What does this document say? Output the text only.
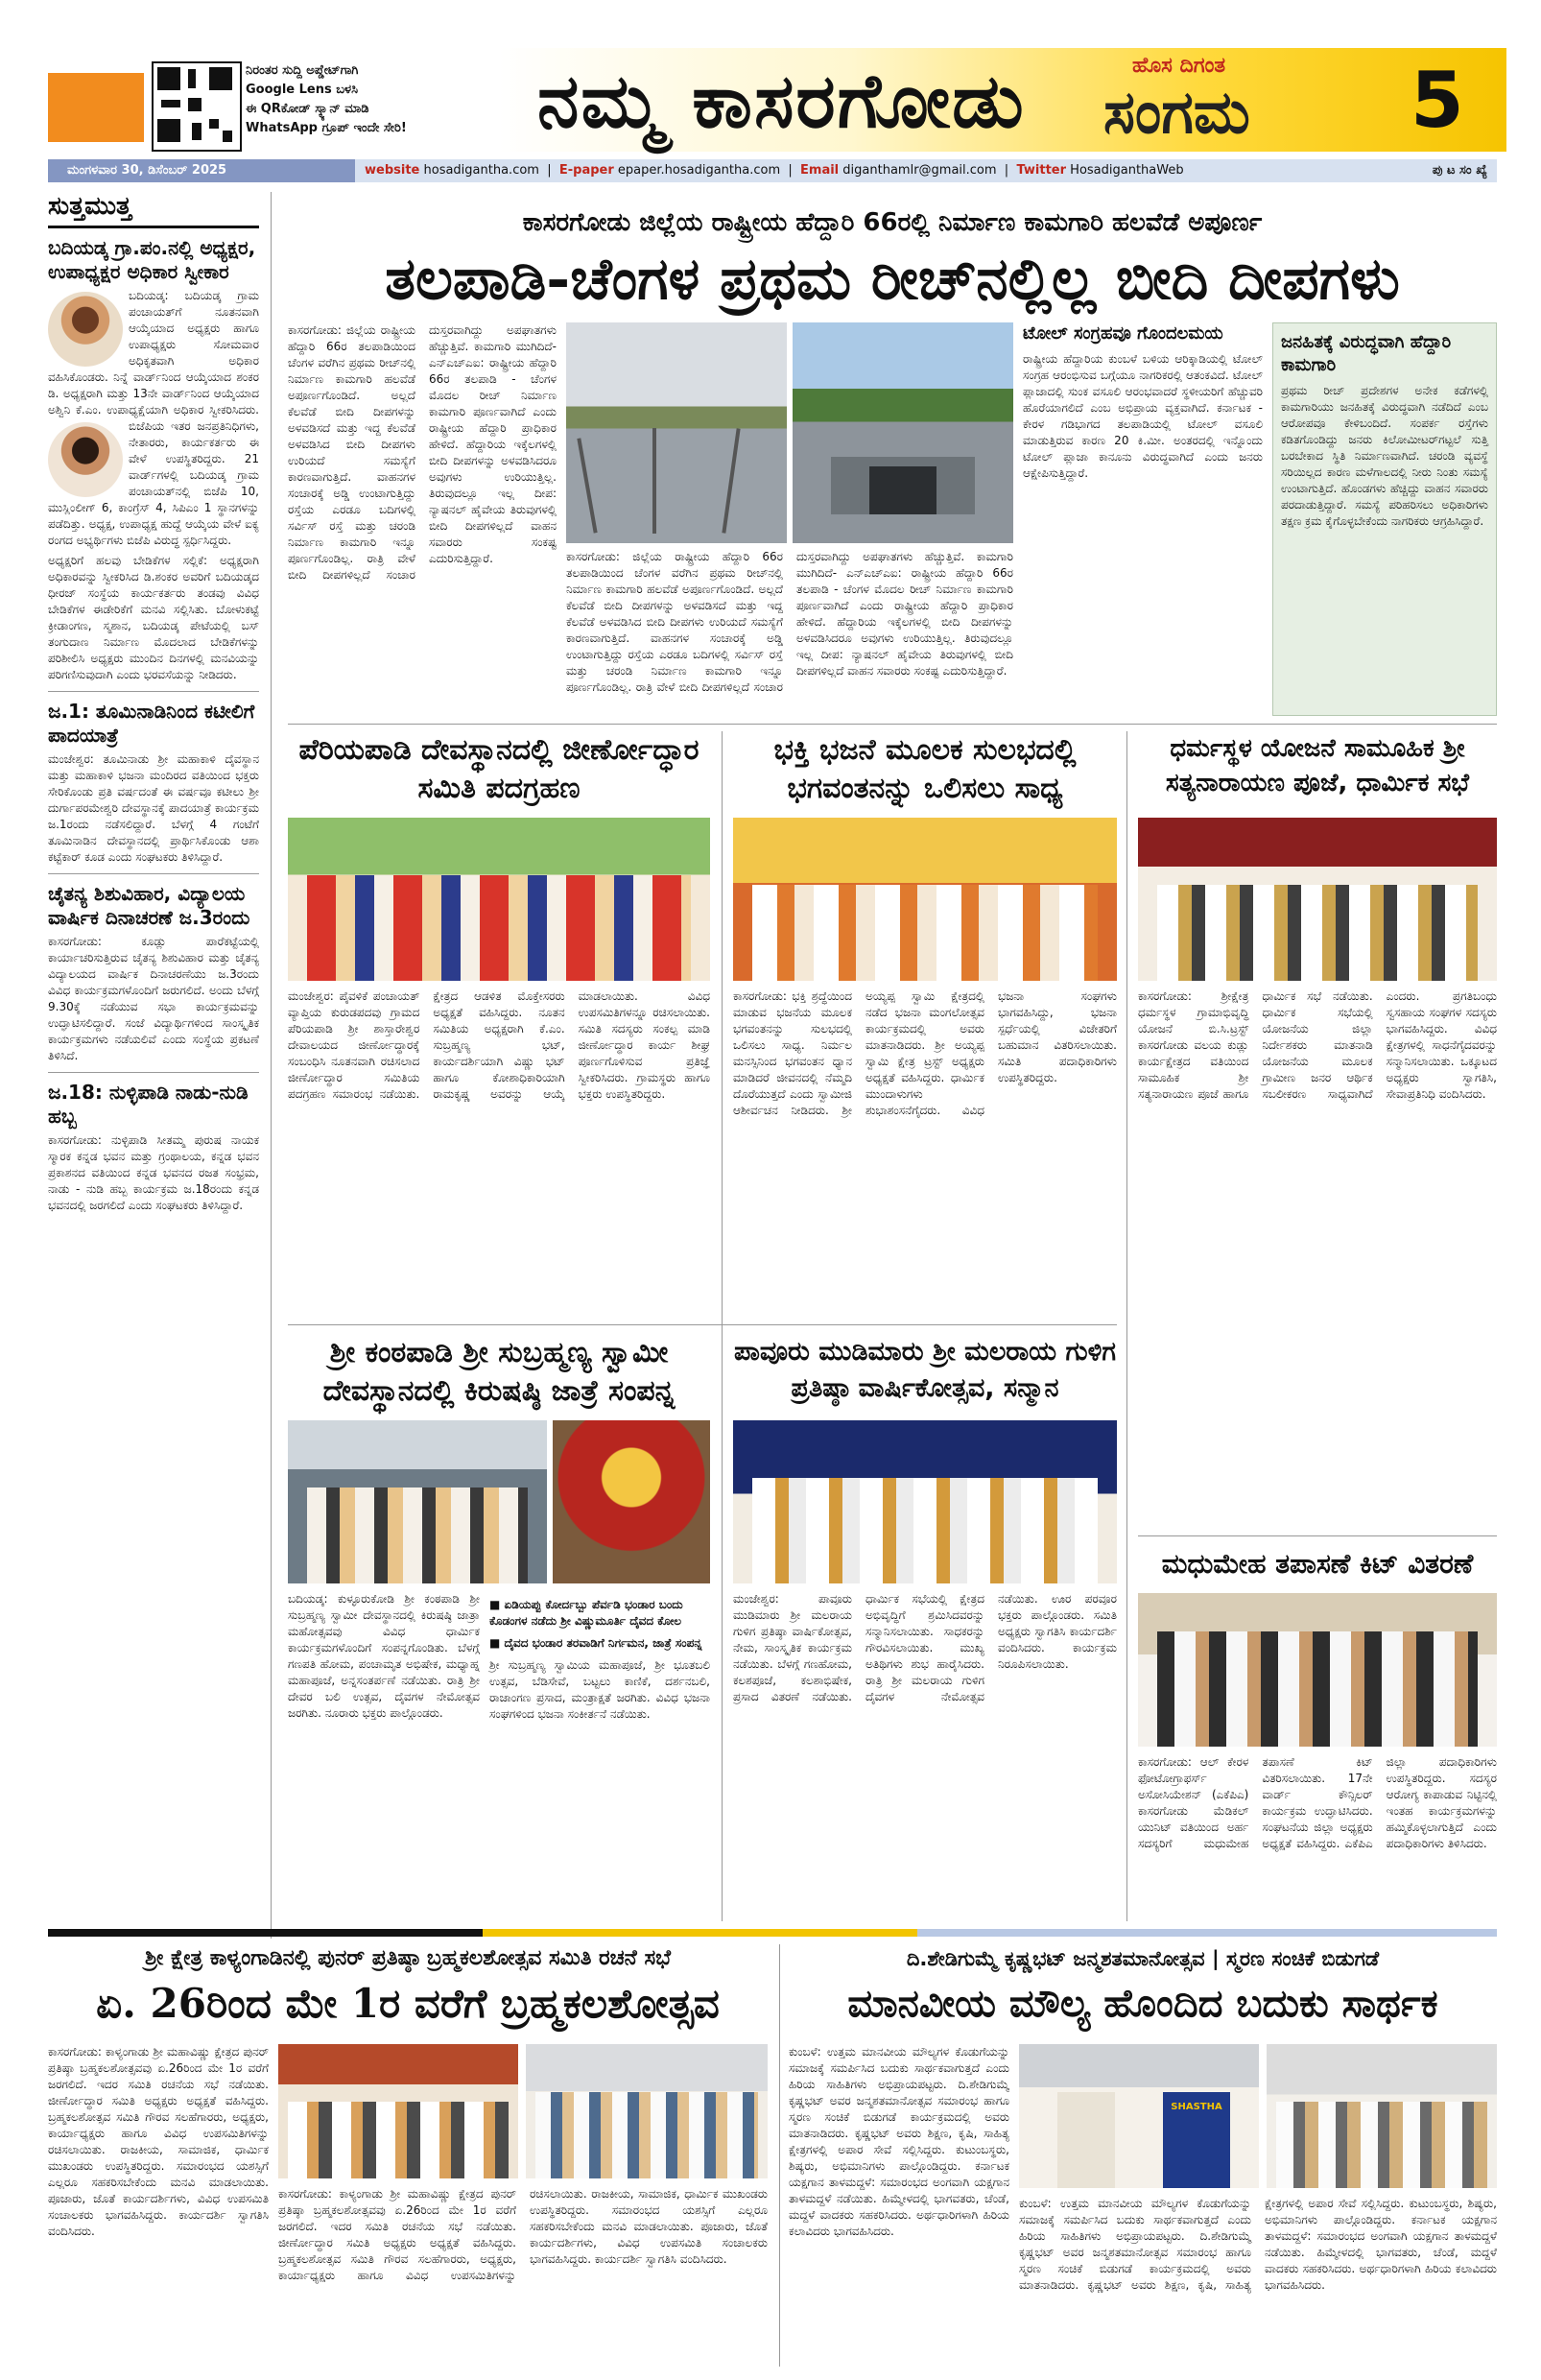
ನಿರಂತರ ಸುದ್ದಿ ಅಪ್ಡೇಟ್‌ಗಾಗಿ
Google Lens ಬಳಸಿ
ಈ QRಕೋಡ್ ಸ್ಕ್ಯಾನ್ ಮಾಡಿ
WhatsApp ಗ್ರೂಪ್ ಇಂದೇ ಸೇರಿ!	ನಮ್ಮ ಕಾಸರಗೋಡು	ಹೊಸ ದಿಗಂತ
ಸಂಗಮ 5
ಮಂಗಳವಾರ 30, ಡಿಸೆಂಬರ್ 2025	website hosadigantha.com  |  E-paper epaper.hosadigantha.com  |  Email diganthamlr@gmail.com  |  Twitter HosadiganthaWeb	ಪು ಟ ಸಂ ಖ್ಯೆ
ಸುತ್ತಮುತ್ತ
ಬದಿಯಡ್ಕ ಗ್ರಾ.ಪಂ.ನಲ್ಲಿ ಅಧ್ಯಕ್ಷರ, ಉಪಾಧ್ಯಕ್ಷರ ಅಧಿಕಾರ ಸ್ವೀಕಾರ
ಬದಿಯಡ್ಕ: ಬದಿಯಡ್ಕ ಗ್ರಾಮ ಪಂಚಾಯತ್‌ಗೆ ನೂತನವಾಗಿ ಆಯ್ಕೆಯಾದ ಅಧ್ಯಕ್ಷರು ಹಾಗೂ ಉಪಾಧ್ಯಕ್ಷರು ಸೋಮವಾರ ಅಧಿಕೃತವಾಗಿ ಅಧಿಕಾರ ವಹಿಸಿಕೊಂಡರು. ನಿನ್ನೆ ವಾರ್ಡ್‌ನಿಂದ ಆಯ್ಕೆಯಾದ ಶಂಕರ ಡಿ. ಅಧ್ಯಕ್ಷರಾಗಿ ಮತ್ತು 13ನೇ ವಾರ್ಡ್‌ನಿಂದ ಆಯ್ಕೆಯಾದ ಅಶ್ವಿನಿ ಕೆ.ಎಂ. ಉಪಾಧ್ಯಕ್ಷೆಯಾಗಿ ಅಧಿಕಾರ ಸ್ವೀಕರಿಸಿದರು.
ಬಿಜೆಪಿಯ ಇತರ ಜನಪ್ರತಿನಿಧಿಗಳು, ನೇತಾರರು, ಕಾರ್ಯಕರ್ತರು ಈ ವೇಳೆ ಉಪಸ್ಥಿತರಿದ್ದರು. 21 ವಾರ್ಡ್‌ಗಳಲ್ಲಿ ಬದಿಯಡ್ಕ ಗ್ರಾಮ ಪಂಚಾಯತ್‌ನಲ್ಲಿ ಬಿಜೆಪಿ 10, ಮುಸ್ಲಿಂಲೀಗ್ 6, ಕಾಂಗ್ರೆಸ್ 4, ಸಿಪಿಎಂ 1 ಸ್ಥಾನಗಳನ್ನು ಪಡೆದಿತ್ತು. ಅಧ್ಯಕ್ಷ, ಉಪಾಧ್ಯಕ್ಷ ಹುದ್ದೆ ಆಯ್ಕೆಯ ವೇಳೆ ಐಕ್ಯ ರಂಗದ ಅಭ್ಯರ್ಥಿಗಳು ಬಿಜೆಪಿ ವಿರುದ್ಧ ಸ್ಪರ್ಧಿಸಿದ್ದರು.
ಅಧ್ಯಕ್ಷರಿಗೆ ಹಲವು ಬೇಡಿಕೆಗಳ ಸಲ್ಲಿಕೆ: ಅಧ್ಯಕ್ಷರಾಗಿ ಅಧಿಕಾರವನ್ನು ಸ್ವೀಕರಿಸಿದ ಡಿ.ಶಂಕರ ಅವರಿಗೆ ಬದಿಯಡ್ಕದ ಧೀರಜ್ ಸಂಸ್ಥೆಯ ಕಾರ್ಯಕರ್ತರು ತಂಡವು ವಿವಿಧ ಬೇಡಿಕೆಗಳ ಈಡೇರಿಕೆಗೆ ಮನವಿ ಸಲ್ಲಿಸಿತು. ಬೋಳುಕಟ್ಟೆ ಕ್ರೀಡಾಂಗಣ, ಸ್ಮಶಾನ, ಬದಿಯಡ್ಕ ಪೇಟೆಯಲ್ಲಿ ಬಸ್ ತಂಗುದಾಣ ನಿರ್ಮಾಣ ಮೊದಲಾದ ಬೇಡಿಕೆಗಳನ್ನು ಪರಿಶೀಲಿಸಿ ಅಧ್ಯಕ್ಷರು ಮುಂದಿನ ದಿನಗಳಲ್ಲಿ ಮನವಿಯನ್ನು ಪರಿಗಣಿಸುವುದಾಗಿ ಎಂದು ಭರವಸೆಯನ್ನು ನೀಡಿದರು.
ಜ.1: ತೂಮಿನಾಡಿನಿಂದ ಕಟೀಲಿಗೆ ಪಾದಯಾತ್ರೆ
ಮಂಜೇಶ್ವರ: ತೂಮಿನಾಡು ಶ್ರೀ ಮಹಾಕಾಳಿ ದೈವಸ್ಥಾನ ಮತ್ತು ಮಹಾಕಾಳಿ ಭಜನಾ ಮಂದಿರದ ವತಿಯಿಂದ ಭಕ್ತರು ಸೇರಿಕೊಂಡು ಪ್ರತಿ ವರ್ಷದಂತೆ ಈ ವರ್ಷವೂ ಕಟೀಲು ಶ್ರೀ ದುರ್ಗಾಪರಮೇಶ್ವರಿ ದೇವಸ್ಥಾನಕ್ಕೆ ಪಾದಯಾತ್ರೆ ಕಾರ್ಯಕ್ರಮ ಜ.1ರಂದು ನಡೆಸಲಿದ್ದಾರೆ. ಬೆಳಗ್ಗೆ 4 ಗಂಟೆಗೆ ತೂಮಿನಾಡಿನ ದೇವಸ್ಥಾನದಲ್ಲಿ ಪ್ರಾರ್ಥಿಸಿಕೊಂಡು ಆಶಾ ಕಟ್ಟೆಕಾರ್ ಕೂಡ ಎಂದು ಸಂಘಟಕರು ತಿಳಿಸಿದ್ದಾರೆ.
ಚೈತನ್ಯ ಶಿಶುವಿಹಾರ, ವಿದ್ಯಾಲಯ ವಾರ್ಷಿಕ ದಿನಾಚರಣೆ ಜ.3ರಂದು
ಕಾಸರಗೋಡು: ಕೂಡ್ಲು ಪಾರೆಕಟ್ಟೆಯಲ್ಲಿ ಕಾರ್ಯಾಚರಿಸುತ್ತಿರುವ ಚೈತನ್ಯ ಶಿಶುವಿಹಾರ ಮತ್ತು ಚೈತನ್ಯ ವಿದ್ಯಾಲಯದ ವಾರ್ಷಿಕ ದಿನಾಚರಣೆಯು ಜ.3ರಂದು ವಿವಿಧ ಕಾರ್ಯಕ್ರಮಗಳೊಂದಿಗೆ ಜರುಗಲಿದೆ. ಅಂದು ಬೆಳಗ್ಗೆ 9.30ಕ್ಕೆ ನಡೆಯುವ ಸಭಾ ಕಾರ್ಯಕ್ರಮವನ್ನು ಉದ್ಘಾಟಿಸಲಿದ್ದಾರೆ. ಸಂಜೆ ವಿದ್ಯಾರ್ಥಿಗಳಿಂದ ಸಾಂಸ್ಕೃತಿಕ ಕಾರ್ಯಕ್ರಮಗಳು ನಡೆಯಲಿವೆ ಎಂದು ಸಂಸ್ಥೆಯ ಪ್ರಕಟಣೆ ತಿಳಿಸಿದೆ.
ಜ.18: ನುಳ್ಳಿಪಾಡಿ ನಾಡು-ನುಡಿ ಹಬ್ಬ
ಕಾಸರಗೋಡು: ನುಳ್ಳಿಪಾಡಿ ಸೀತಮ್ಮ ಪುರುಷ ನಾಯಕ ಸ್ಮಾರಕ ಕನ್ನಡ ಭವನ ಮತ್ತು ಗ್ರಂಥಾಲಯ, ಕನ್ನಡ ಭವನ ಪ್ರಕಾಶನದ ವತಿಯಿಂದ ಕನ್ನಡ ಭವನದ ರಜತ ಸಂಭ್ರಮ, ನಾಡು - ನುಡಿ ಹಬ್ಬ ಕಾರ್ಯಕ್ರಮ ಜ.18ರಂದು ಕನ್ನಡ ಭವನದಲ್ಲಿ ಜರಗಲಿದೆ ಎಂದು ಸಂಘಟಕರು ತಿಳಿಸಿದ್ದಾರೆ.
ಕಾಸರಗೋಡು ಜಿಲ್ಲೆಯ ರಾಷ್ಟ್ರೀಯ ಹೆದ್ದಾರಿ 66ರಲ್ಲಿ ನಿರ್ಮಾಣ ಕಾಮಗಾರಿ ಹಲವೆಡೆ ಅಪೂರ್ಣ
ತಲಪಾಡಿ-ಚೆಂಗಳ ಪ್ರಥಮ ರೀಚ್‌ನಲ್ಲಿಲ್ಲ ಬೀದಿ ದೀಪಗಳು
ಕಾಸರಗೋಡು: ಜಿಲ್ಲೆಯ ರಾಷ್ಟ್ರೀಯ ಹೆದ್ದಾರಿ 66ರ ತಲಪಾಡಿಯಿಂದ ಚೆಂಗಳ ವರೆಗಿನ ಪ್ರಥಮ ರೀಚ್‌ನಲ್ಲಿ ನಿರ್ಮಾಣ ಕಾಮಗಾರಿ ಹಲವೆಡೆ ಅಪೂರ್ಣಗೊಂಡಿದೆ. ಅಲ್ಲದೆ ಕೆಲವೆಡೆ ಬೀದಿ ದೀಪಗಳನ್ನು ಅಳವಡಿಸದೆ ಮತ್ತು ಇದ್ದ ಕೆಲವೆಡೆ ಅಳವಡಿಸಿದ ಬೀದಿ ದೀಪಗಳು ಉರಿಯದೆ ಸಮಸ್ಯೆಗೆ ಕಾರಣವಾಗುತ್ತಿದೆ. ವಾಹನಗಳ ಸಂಚಾರಕ್ಕೆ ಅಡ್ಡಿ ಉಂಟಾಗುತ್ತಿದ್ದು ರಸ್ತೆಯ ಎರಡೂ ಬದಿಗಳಲ್ಲಿ ಸರ್ವಿಸ್ ರಸ್ತೆ ಮತ್ತು ಚರಂಡಿ ನಿರ್ಮಾಣ ಕಾಮಗಾರಿ ಇನ್ನೂ ಪೂರ್ಣಗೊಂಡಿಲ್ಲ. ರಾತ್ರಿ ವೇಳೆ ಬೀದಿ ದೀಪಗಳಿಲ್ಲದೆ ಸಂಚಾರ ದುಸ್ತರವಾಗಿದ್ದು ಅಪಘಾತಗಳು ಹೆಚ್ಚುತ್ತಿವೆ. ಕಾಮಗಾರಿ ಮುಗಿದಿದೆ- ಎನ್‌ಎಚ್‌ಎಐ: ರಾಷ್ಟ್ರೀಯ ಹೆದ್ದಾರಿ 66ರ ತಲಪಾಡಿ - ಚೆಂಗಳ ಮೊದಲ ರೀಚ್ ನಿರ್ಮಾಣ ಕಾಮಗಾರಿ ಪೂರ್ಣವಾಗಿದೆ ಎಂದು ರಾಷ್ಟ್ರೀಯ ಹೆದ್ದಾರಿ ಪ್ರಾಧಿಕಾರ ಹೇಳಿದೆ. ಹೆದ್ದಾರಿಯ ಇಕ್ಕೆಲಗಳಲ್ಲಿ ಬೀದಿ ದೀಪಗಳನ್ನು ಅಳವಡಿಸಿದರೂ ಅವುಗಳು ಉರಿಯುತ್ತಿಲ್ಲ. ತಿರುವುದಲ್ಲೂ ಇಲ್ಲ ದೀಪ: ನ್ಯಾಷನಲ್ ಹೈವೇಯ ತಿರುವುಗಳಲ್ಲಿ ಬೀದಿ ದೀಪಗಳಿಲ್ಲದೆ ವಾಹನ ಸವಾರರು ಸಂಕಷ್ಟ ಎದುರಿಸುತ್ತಿದ್ದಾರೆ.	ಕಾಸರಗೋಡು: ಜಿಲ್ಲೆಯ ರಾಷ್ಟ್ರೀಯ ಹೆದ್ದಾರಿ 66ರ ತಲಪಾಡಿಯಿಂದ ಚೆಂಗಳ ವರೆಗಿನ ಪ್ರಥಮ ರೀಚ್‌ನಲ್ಲಿ ನಿರ್ಮಾಣ ಕಾಮಗಾರಿ ಹಲವೆಡೆ ಅಪೂರ್ಣಗೊಂಡಿದೆ. ಅಲ್ಲದೆ ಕೆಲವೆಡೆ ಬೀದಿ ದೀಪಗಳನ್ನು ಅಳವಡಿಸದೆ ಮತ್ತು ಇದ್ದ ಕೆಲವೆಡೆ ಅಳವಡಿಸಿದ ಬೀದಿ ದೀಪಗಳು ಉರಿಯದೆ ಸಮಸ್ಯೆಗೆ ಕಾರಣವಾಗುತ್ತಿದೆ. ವಾಹನಗಳ ಸಂಚಾರಕ್ಕೆ ಅಡ್ಡಿ ಉಂಟಾಗುತ್ತಿದ್ದು ರಸ್ತೆಯ ಎರಡೂ ಬದಿಗಳಲ್ಲಿ ಸರ್ವಿಸ್ ರಸ್ತೆ ಮತ್ತು ಚರಂಡಿ ನಿರ್ಮಾಣ ಕಾಮಗಾರಿ ಇನ್ನೂ ಪೂರ್ಣಗೊಂಡಿಲ್ಲ. ರಾತ್ರಿ ವೇಳೆ ಬೀದಿ ದೀಪಗಳಿಲ್ಲದೆ ಸಂಚಾರ ದುಸ್ತರವಾಗಿದ್ದು ಅಪಘಾತಗಳು ಹೆಚ್ಚುತ್ತಿವೆ. ಕಾಮಗಾರಿ ಮುಗಿದಿದೆ- ಎನ್‌ಎಚ್‌ಎಐ: ರಾಷ್ಟ್ರೀಯ ಹೆದ್ದಾರಿ 66ರ ತಲಪಾಡಿ - ಚೆಂಗಳ ಮೊದಲ ರೀಚ್ ನಿರ್ಮಾಣ ಕಾಮಗಾರಿ ಪೂರ್ಣವಾಗಿದೆ ಎಂದು ರಾಷ್ಟ್ರೀಯ ಹೆದ್ದಾರಿ ಪ್ರಾಧಿಕಾರ ಹೇಳಿದೆ. ಹೆದ್ದಾರಿಯ ಇಕ್ಕೆಲಗಳಲ್ಲಿ ಬೀದಿ ದೀಪಗಳನ್ನು ಅಳವಡಿಸಿದರೂ ಅವುಗಳು ಉರಿಯುತ್ತಿಲ್ಲ. ತಿರುವುದಲ್ಲೂ ಇಲ್ಲ ದೀಪ: ನ್ಯಾಷನಲ್ ಹೈವೇಯ ತಿರುವುಗಳಲ್ಲಿ ಬೀದಿ ದೀಪಗಳಿಲ್ಲದೆ ವಾಹನ ಸವಾರರು ಸಂಕಷ್ಟ ಎದುರಿಸುತ್ತಿದ್ದಾರೆ.
ಟೋಲ್ ಸಂಗ್ರಹವೂ ಗೊಂದಲಮಯ
ರಾಷ್ಟ್ರೀಯ ಹೆದ್ದಾರಿಯ ಕುಂಬಳೆ ಬಳಿಯ ಆರಿಕ್ಕಾಡಿಯಲ್ಲಿ ಟೋಲ್ ಸಂಗ್ರಹ ಆರಂಭಿಸುವ ಬಗ್ಗೆಯೂ ನಾಗರಿಕರಲ್ಲಿ ಆತಂಕವಿದೆ. ಟೋಲ್ ಪ್ಲಾಜಾದಲ್ಲಿ ಸುಂಕ ವಸೂಲಿ ಆರಂಭವಾದರೆ ಸ್ಥಳೀಯರಿಗೆ ಹೆಚ್ಚುವರಿ ಹೊರೆಯಾಗಲಿದೆ ಎಂಬ ಅಭಿಪ್ರಾಯ ವ್ಯಕ್ತವಾಗಿದೆ. ಕರ್ನಾಟಕ - ಕೇರಳ ಗಡಿಭಾಗದ ತಲಪಾಡಿಯಲ್ಲಿ ಟೋಲ್ ವಸೂಲಿ ಮಾಡುತ್ತಿರುವ ಕಾರಣ 20 ಕಿ.ಮೀ. ಅಂತರದಲ್ಲಿ ಇನ್ನೊಂದು ಟೋಲ್ ಪ್ಲಾಜಾ ಕಾನೂನು ವಿರುದ್ಧವಾಗಿದೆ ಎಂದು ಜನರು ಆಕ್ಷೇಪಿಸುತ್ತಿದ್ದಾರೆ.
ಜನಹಿತಕ್ಕೆ ವಿರುದ್ಧವಾಗಿ ಹೆದ್ದಾರಿ ಕಾಮಗಾರಿ
ಪ್ರಥಮ ರೀಚ್ ಪ್ರದೇಶಗಳ ಅನೇಕ ಕಡೆಗಳಲ್ಲಿ ಕಾಮಗಾರಿಯು ಜನಹಿತಕ್ಕೆ ವಿರುದ್ಧವಾಗಿ ನಡೆದಿದೆ ಎಂಬ ಆರೋಪವೂ ಕೇಳಿಬಂದಿದೆ. ಸಂಪರ್ಕ ರಸ್ತೆಗಳು ಕಡಿತಗೊಂಡಿದ್ದು ಜನರು ಕಿಲೋಮೀಟರ್‌ಗಟ್ಟಲೆ ಸುತ್ತಿ ಬರಬೇಕಾದ ಸ್ಥಿತಿ ನಿರ್ಮಾಣವಾಗಿದೆ. ಚರಂಡಿ ವ್ಯವಸ್ಥೆ ಸರಿಯಿಲ್ಲದ ಕಾರಣ ಮಳೆಗಾಲದಲ್ಲಿ ನೀರು ನಿಂತು ಸಮಸ್ಯೆ ಉಂಟಾಗುತ್ತಿದೆ. ಹೊಂಡಗಳು ಹೆಚ್ಚಿದ್ದು ವಾಹನ ಸವಾರರು ಪರದಾಡುತ್ತಿದ್ದಾರೆ. ಸಮಸ್ಯೆ ಪರಿಹರಿಸಲು ಅಧಿಕಾರಿಗಳು ತಕ್ಷಣ ಕ್ರಮ ಕೈಗೊಳ್ಳಬೇಕೆಂದು ನಾಗರಿಕರು ಆಗ್ರಹಿಸಿದ್ದಾರೆ.
ಪೆರಿಯಪಾಡಿ ದೇವಸ್ಥಾನದಲ್ಲಿ ಜೀರ್ಣೋದ್ಧಾರ ಸಮಿತಿ ಪದಗ್ರಹಣ
ಮಂಜೇಶ್ವರ: ಪೈವಳಿಕೆ ಪಂಚಾಯತ್ ವ್ಯಾಪ್ತಿಯ ಕುರುಡಪದವು ಗ್ರಾಮದ ಪೆರಿಯಪಾಡಿ ಶ್ರೀ ಶಾಸ್ತಾರೇಶ್ವರ ದೇವಾಲಯದ ಜೀರ್ಣೋದ್ಧಾರಕ್ಕೆ ಸಂಬಂಧಿಸಿ ನೂತನವಾಗಿ ರಚಿಸಲಾದ ಜೀರ್ಣೋದ್ಧಾರ ಸಮಿತಿಯ ಪದಗ್ರಹಣ ಸಮಾರಂಭ ನಡೆಯಿತು. ಕ್ಷೇತ್ರದ ಆಡಳಿತ ಮೊಕ್ತೇಸರರು ಅಧ್ಯಕ್ಷತೆ ವಹಿಸಿದ್ದರು. ನೂತನ ಸಮಿತಿಯ ಅಧ್ಯಕ್ಷರಾಗಿ ಕೆ.ಎಂ. ಸುಬ್ರಹ್ಮಣ್ಯ ಭಟ್, ಕಾರ್ಯದರ್ಶಿಯಾಗಿ ವಿಷ್ಣು ಭಟ್ ಹಾಗೂ ಕೋಶಾಧಿಕಾರಿಯಾಗಿ ರಾಮಕೃಷ್ಣ ಅವರನ್ನು ಆಯ್ಕೆ ಮಾಡಲಾಯಿತು. ವಿವಿಧ ಉಪಸಮಿತಿಗಳನ್ನೂ ರಚಿಸಲಾಯಿತು. ಸಮಿತಿ ಸದಸ್ಯರು ಸಂಕಲ್ಪ ಮಾಡಿ ಜೀರ್ಣೋದ್ಧಾರ ಕಾರ್ಯ ಶೀಘ್ರ ಪೂರ್ಣಗೊಳಿಸುವ ಪ್ರತಿಜ್ಞೆ ಸ್ವೀಕರಿಸಿದರು. ಗ್ರಾಮಸ್ಥರು ಹಾಗೂ ಭಕ್ತರು ಉಪಸ್ಥಿತರಿದ್ದರು.
ಭಕ್ತಿ ಭಜನೆ ಮೂಲಕ ಸುಲಭದಲ್ಲಿ ಭಗವಂತನನ್ನು ಒಲಿಸಲು ಸಾಧ್ಯ
ಕಾಸರಗೋಡು: ಭಕ್ತಿ ಶ್ರದ್ಧೆಯಿಂದ ಮಾಡುವ ಭಜನೆಯ ಮೂಲಕ ಭಗವಂತನನ್ನು ಸುಲಭದಲ್ಲಿ ಒಲಿಸಲು ಸಾಧ್ಯ. ನಿರ್ಮಲ ಮನಸ್ಸಿನಿಂದ ಭಗವಂತನ ಧ್ಯಾನ ಮಾಡಿದರೆ ಜೀವನದಲ್ಲಿ ನೆಮ್ಮದಿ ದೊರೆಯುತ್ತದೆ ಎಂದು ಸ್ವಾಮೀಜಿ ಆಶೀರ್ವಚನ ನೀಡಿದರು. ಶ್ರೀ ಅಯ್ಯಪ್ಪ ಸ್ವಾಮಿ ಕ್ಷೇತ್ರದಲ್ಲಿ ನಡೆದ ಭಜನಾ ಮಂಗಲೋತ್ಸವ ಕಾರ್ಯಕ್ರಮದಲ್ಲಿ ಅವರು ಮಾತನಾಡಿದರು. ಶ್ರೀ ಅಯ್ಯಪ್ಪ ಸ್ವಾಮಿ ಕ್ಷೇತ್ರ ಟ್ರಸ್ಟ್ ಅಧ್ಯಕ್ಷರು ಅಧ್ಯಕ್ಷತೆ ವಹಿಸಿದ್ದರು. ಧಾರ್ಮಿಕ ಮುಂದಾಳುಗಳು ಶುಭಾಶಂಸನೆಗೈದರು. ವಿವಿಧ ಭಜನಾ ಸಂಘಗಳು ಭಾಗವಹಿಸಿದ್ದು, ಭಜನಾ ಸ್ಪರ್ಧೆಯಲ್ಲಿ ವಿಜೇತರಿಗೆ ಬಹುಮಾನ ವಿತರಿಸಲಾಯಿತು. ಸಮಿತಿ ಪದಾಧಿಕಾರಿಗಳು ಉಪಸ್ಥಿತರಿದ್ದರು.
ಧರ್ಮಸ್ಥಳ ಯೋಜನೆ ಸಾಮೂಹಿಕ ಶ್ರೀ ಸತ್ಯನಾರಾಯಣ ಪೂಜೆ, ಧಾರ್ಮಿಕ ಸಭೆ
ಕಾಸರಗೋಡು: ಶ್ರೀಕ್ಷೇತ್ರ ಧರ್ಮಸ್ಥಳ ಗ್ರಾಮಾಭಿವೃದ್ಧಿ ಯೋಜನೆ ಬಿ.ಸಿ.ಟ್ರಸ್ಟ್ ಕಾಸರಗೋಡು ವಲಯ ಕುಡ್ಲು ಕಾರ್ಯಕ್ಷೇತ್ರದ ವತಿಯಿಂದ ಸಾಮೂಹಿಕ ಶ್ರೀ ಸತ್ಯನಾರಾಯಣ ಪೂಜೆ ಹಾಗೂ ಧಾರ್ಮಿಕ ಸಭೆ ನಡೆಯಿತು. ಧಾರ್ಮಿಕ ಸಭೆಯಲ್ಲಿ ಯೋಜನೆಯ ಜಿಲ್ಲಾ ನಿರ್ದೇಶಕರು ಮಾತನಾಡಿ ಯೋಜನೆಯ ಮೂಲಕ ಗ್ರಾಮೀಣ ಜನರ ಆರ್ಥಿಕ ಸಬಲೀಕರಣ ಸಾಧ್ಯವಾಗಿದೆ ಎಂದರು. ಪ್ರಗತಿಬಂಧು ಸ್ವಸಹಾಯ ಸಂಘಗಳ ಸದಸ್ಯರು ಭಾಗವಹಿಸಿದ್ದರು. ವಿವಿಧ ಕ್ಷೇತ್ರಗಳಲ್ಲಿ ಸಾಧನೆಗೈದವರನ್ನು ಸನ್ಮಾನಿಸಲಾಯಿತು. ಒಕ್ಕೂಟದ ಅಧ್ಯಕ್ಷರು ಸ್ವಾಗತಿಸಿ, ಸೇವಾಪ್ರತಿನಿಧಿ ವಂದಿಸಿದರು.
ಶ್ರೀ ಕಂಠಪಾಡಿ ಶ್ರೀ ಸುಬ್ರಹ್ಮಣ್ಯ ಸ್ವಾಮೀ ದೇವಸ್ಥಾನದಲ್ಲಿ ಕಿರುಷಷ್ಠಿ ಜಾತ್ರೆ ಸಂಪನ್ನ
ಬದಿಯಡ್ಕ: ಕುಳ್ಳೂರುಕೋಡಿ ಶ್ರೀ ಕಂಠಪಾಡಿ ಶ್ರೀ ಸುಬ್ರಹ್ಮಣ್ಯ ಸ್ವಾಮೀ ದೇವಸ್ಥಾನದಲ್ಲಿ ಕಿರುಷಷ್ಠಿ ಜಾತ್ರಾ ಮಹೋತ್ಸವವು ವಿವಿಧ ಧಾರ್ಮಿಕ ಕಾರ್ಯಕ್ರಮಗಳೊಂದಿಗೆ ಸಂಪನ್ನಗೊಂಡಿತು. ಬೆಳಗ್ಗೆ ಗಣಪತಿ ಹೋಮ, ಪಂಚಾಮೃತ ಅಭಿಷೇಕ, ಮಧ್ಯಾಹ್ನ ಮಹಾಪೂಜೆ, ಅನ್ನಸಂತರ್ಪಣೆ ನಡೆಯಿತು. ರಾತ್ರಿ ಶ್ರೀ ದೇವರ ಬಲಿ ಉತ್ಸವ, ದೈವಗಳ ನೇಮೋತ್ಸವ ಜರಗಿತು. ನೂರಾರು ಭಕ್ತರು ಪಾಲ್ಗೊಂಡರು.
■ ಏಡಿಯಪ್ಪು ಕೋರ್ದಬ್ಬು ಪೆರ್ವಡಿ ಭಂಡಾರ ಬಂದು ಕೊಡಂಗಳ ನಡೆದು ಶ್ರೀ ವಿಷ್ಣುಮೂರ್ತಿ ದೈವದ ಕೋಲ
■ ದೈವದ ಭಂಡಾರ ತರವಾಡಿಗೆ ನಿರ್ಗಮನ, ಜಾತ್ರೆ ಸಂಪನ್ನ
ಶ್ರೀ ಸುಬ್ರಹ್ಮಣ್ಯ ಸ್ವಾಮಿಯ ಮಹಾಪೂಜೆ, ಶ್ರೀ ಭೂತಬಲಿ ಉತ್ಸವ, ಬೆಡಿಸೇವೆ, ಬಟ್ಟಲು ಕಾಣಿಕೆ, ದರ್ಶನಬಲಿ, ರಾಜಾಂಗಣ ಪ್ರಸಾದ, ಮಂತ್ರಾಕ್ಷತೆ ಜರಗಿತು. ವಿವಿಧ ಭಜನಾ ಸಂಘಗಳಿಂದ ಭಜನಾ ಸಂಕೀರ್ತನೆ ನಡೆಯಿತು.
ಪಾವೂರು ಮುಡಿಮಾರು ಶ್ರೀ ಮಲರಾಯ ಗುಳಿಗ ಪ್ರತಿಷ್ಠಾ ವಾರ್ಷಿಕೋತ್ಸವ, ಸನ್ಮಾನ
ಮಂಜೇಶ್ವರ: ಪಾವೂರು ಮುಡಿಮಾರು ಶ್ರೀ ಮಲರಾಯ ಗುಳಿಗ ಪ್ರತಿಷ್ಠಾ ವಾರ್ಷಿಕೋತ್ಸವ, ನೇಮ, ಸಾಂಸ್ಕೃತಿಕ ಕಾರ್ಯಕ್ರಮ ನಡೆಯಿತು. ಬೆಳಗ್ಗೆ ಗಣಹೋಮ, ಕಲಶಪೂಜೆ, ಕಲಶಾಭಿಷೇಕ, ಪ್ರಸಾದ ವಿತರಣೆ ನಡೆಯಿತು. ಧಾರ್ಮಿಕ ಸಭೆಯಲ್ಲಿ ಕ್ಷೇತ್ರದ ಅಭಿವೃದ್ಧಿಗೆ ಶ್ರಮಿಸಿದವರನ್ನು ಸನ್ಮಾನಿಸಲಾಯಿತು. ಸಾಧಕರನ್ನು ಗೌರವಿಸಲಾಯಿತು. ಮುಖ್ಯ ಅತಿಥಿಗಳು ಶುಭ ಹಾರೈಸಿದರು. ರಾತ್ರಿ ಶ್ರೀ ಮಲರಾಯ ಗುಳಿಗ ದೈವಗಳ ನೇಮೋತ್ಸವ ನಡೆಯಿತು. ಊರ ಪರವೂರ ಭಕ್ತರು ಪಾಲ್ಗೊಂಡರು. ಸಮಿತಿ ಅಧ್ಯಕ್ಷರು ಸ್ವಾಗತಿಸಿ ಕಾರ್ಯದರ್ಶಿ ವಂದಿಸಿದರು. ಕಾರ್ಯಕ್ರಮ ನಿರೂಪಿಸಲಾಯಿತು.
ಮಧುಮೇಹ ತಪಾಸಣೆ ಕಿಟ್ ವಿತರಣೆ
ಕಾಸರಗೋಡು: ಆಲ್ ಕೇರಳ ಫೋಟೋಗ್ರಾಫರ್ಸ್ ಅಸೋಸಿಯೇಶನ್ (ಎಕೆಪಿಎ) ಕಾಸರಗೋಡು ಮೆಡಿಕಲ್ ಯುನಿಟ್ ವತಿಯಿಂದ ಅರ್ಹ ಸದಸ್ಯರಿಗೆ ಮಧುಮೇಹ ತಪಾಸಣೆ ಕಿಟ್ ವಿತರಿಸಲಾಯಿತು. 17ನೇ ವಾರ್ಡ್ ಕೌನ್ಸಿಲರ್ ಕಾರ್ಯಕ್ರಮ ಉದ್ಘಾಟಿಸಿದರು. ಸಂಘಟನೆಯ ಜಿಲ್ಲಾ ಅಧ್ಯಕ್ಷರು ಅಧ್ಯಕ್ಷತೆ ವಹಿಸಿದ್ದರು. ಎಕೆಪಿಎ ಜಿಲ್ಲಾ ಪದಾಧಿಕಾರಿಗಳು ಉಪಸ್ಥಿತರಿದ್ದರು. ಸದಸ್ಯರ ಆರೋಗ್ಯ ಕಾಪಾಡುವ ನಿಟ್ಟಿನಲ್ಲಿ ಇಂತಹ ಕಾರ್ಯಕ್ರಮಗಳನ್ನು ಹಮ್ಮಿಕೊಳ್ಳಲಾಗುತ್ತಿದೆ ಎಂದು ಪದಾಧಿಕಾರಿಗಳು ತಿಳಿಸಿದರು.
ಶ್ರೀ ಕ್ಷೇತ್ರ ಕಾಳ್ಯಂಗಾಡಿನಲ್ಲಿ ಪುನರ್ ಪ್ರತಿಷ್ಠಾ ಬ್ರಹ್ಮಕಲಶೋತ್ಸವ ಸಮಿತಿ ರಚನೆ ಸಭೆ
ಏ. 26ರಿಂದ ಮೇ 1ರ ವರೆಗೆ ಬ್ರಹ್ಮಕಲಶೋತ್ಸವ
ಕಾಸರಗೋಡು: ಕಾಳ್ಯಂಗಾಡು ಶ್ರೀ ಮಹಾವಿಷ್ಣು ಕ್ಷೇತ್ರದ ಪುನರ್ ಪ್ರತಿಷ್ಠಾ ಬ್ರಹ್ಮಕಲಶೋತ್ಸವವು ಏ.26ರಿಂದ ಮೇ 1ರ ವರೆಗೆ ಜರಗಲಿದೆ. ಇದರ ಸಮಿತಿ ರಚನೆಯ ಸಭೆ ನಡೆಯಿತು. ಜೀರ್ಣೋದ್ಧಾರ ಸಮಿತಿ ಅಧ್ಯಕ್ಷರು ಅಧ್ಯಕ್ಷತೆ ವಹಿಸಿದ್ದರು. ಬ್ರಹ್ಮಕಲಶೋತ್ಸವ ಸಮಿತಿ ಗೌರವ ಸಲಹೆಗಾರರು, ಅಧ್ಯಕ್ಷರು, ಕಾರ್ಯಾಧ್ಯಕ್ಷರು ಹಾಗೂ ವಿವಿಧ ಉಪಸಮಿತಿಗಳನ್ನು ರಚಿಸಲಾಯಿತು. ರಾಜಕೀಯ, ಸಾಮಾಜಿಕ, ಧಾರ್ಮಿಕ ಮುಖಂಡರು ಉಪಸ್ಥಿತರಿದ್ದರು. ಸಮಾರಂಭದ ಯಶಸ್ಸಿಗೆ ಎಲ್ಲರೂ ಸಹಕರಿಸಬೇಕೆಂದು ಮನವಿ ಮಾಡಲಾಯಿತು. ಪೂಜಾರು, ಜೊತೆ ಕಾರ್ಯದರ್ಶಿಗಳು, ವಿವಿಧ ಉಪಸಮಿತಿ ಸಂಚಾಲಕರು ಭಾಗವಹಿಸಿದ್ದರು. ಕಾರ್ಯದರ್ಶಿ ಸ್ವಾಗತಿಸಿ ವಂದಿಸಿದರು.
ಕಾಸರಗೋಡು: ಕಾಳ್ಯಂಗಾಡು ಶ್ರೀ ಮಹಾವಿಷ್ಣು ಕ್ಷೇತ್ರದ ಪುನರ್ ಪ್ರತಿಷ್ಠಾ ಬ್ರಹ್ಮಕಲಶೋತ್ಸವವು ಏ.26ರಿಂದ ಮೇ 1ರ ವರೆಗೆ ಜರಗಲಿದೆ. ಇದರ ಸಮಿತಿ ರಚನೆಯ ಸಭೆ ನಡೆಯಿತು. ಜೀರ್ಣೋದ್ಧಾರ ಸಮಿತಿ ಅಧ್ಯಕ್ಷರು ಅಧ್ಯಕ್ಷತೆ ವಹಿಸಿದ್ದರು. ಬ್ರಹ್ಮಕಲಶೋತ್ಸವ ಸಮಿತಿ ಗೌರವ ಸಲಹೆಗಾರರು, ಅಧ್ಯಕ್ಷರು, ಕಾರ್ಯಾಧ್ಯಕ್ಷರು ಹಾಗೂ ವಿವಿಧ ಉಪಸಮಿತಿಗಳನ್ನು ರಚಿಸಲಾಯಿತು. ರಾಜಕೀಯ, ಸಾಮಾಜಿಕ, ಧಾರ್ಮಿಕ ಮುಖಂಡರು ಉಪಸ್ಥಿತರಿದ್ದರು. ಸಮಾರಂಭದ ಯಶಸ್ಸಿಗೆ ಎಲ್ಲರೂ ಸಹಕರಿಸಬೇಕೆಂದು ಮನವಿ ಮಾಡಲಾಯಿತು. ಪೂಜಾರು, ಜೊತೆ ಕಾರ್ಯದರ್ಶಿಗಳು, ವಿವಿಧ ಉಪಸಮಿತಿ ಸಂಚಾಲಕರು ಭಾಗವಹಿಸಿದ್ದರು. ಕಾರ್ಯದರ್ಶಿ ಸ್ವಾಗತಿಸಿ ವಂದಿಸಿದರು.
ದಿ.ಶೇಡಿಗುಮ್ಮೆ ಕೃಷ್ಣಭಟ್ ಜನ್ಮಶತಮಾನೋತ್ಸವ | ಸ್ಮರಣ ಸಂಚಿಕೆ ಬಿಡುಗಡೆ
ಮಾನವೀಯ ಮೌಲ್ಯ ಹೊಂದಿದ ಬದುಕು ಸಾರ್ಥಕ
ಕುಂಬಳೆ: ಉತ್ತಮ ಮಾನವೀಯ ಮೌಲ್ಯಗಳ ಕೊಡುಗೆಯನ್ನು ಸಮಾಜಕ್ಕೆ ಸಮರ್ಪಿಸಿದ ಬದುಕು ಸಾರ್ಥಕವಾಗುತ್ತದೆ ಎಂದು ಹಿರಿಯ ಸಾಹಿತಿಗಳು ಅಭಿಪ್ರಾಯಪಟ್ಟರು. ದಿ.ಶೇಡಿಗುಮ್ಮೆ ಕೃಷ್ಣಭಟ್ ಅವರ ಜನ್ಮಶತಮಾನೋತ್ಸವ ಸಮಾರಂಭ ಹಾಗೂ ಸ್ಮರಣ ಸಂಚಿಕೆ ಬಿಡುಗಡೆ ಕಾರ್ಯಕ್ರಮದಲ್ಲಿ ಅವರು ಮಾತನಾಡಿದರು. ಕೃಷ್ಣಭಟ್ ಅವರು ಶಿಕ್ಷಣ, ಕೃಷಿ, ಸಾಹಿತ್ಯ ಕ್ಷೇತ್ರಗಳಲ್ಲಿ ಅಪಾರ ಸೇವೆ ಸಲ್ಲಿಸಿದ್ದರು. ಕುಟುಂಬಸ್ಥರು, ಶಿಷ್ಯರು, ಅಭಿಮಾನಿಗಳು ಪಾಲ್ಗೊಂಡಿದ್ದರು. ಕರ್ನಾಟಕ ಯಕ್ಷಗಾನ ತಾಳಮದ್ದಳೆ: ಸಮಾರಂಭದ ಅಂಗವಾಗಿ ಯಕ್ಷಗಾನ ತಾಳಮದ್ದಳೆ ನಡೆಯಿತು. ಹಿಮ್ಮೇಳದಲ್ಲಿ ಭಾಗವತರು, ಚೆಂಡೆ, ಮದ್ದಳೆ ವಾದಕರು ಸಹಕರಿಸಿದರು. ಅರ್ಥಧಾರಿಗಳಾಗಿ ಹಿರಿಯ ಕಲಾವಿದರು ಭಾಗವಹಿಸಿದರು.
SHASTHA
ಕುಂಬಳೆ: ಉತ್ತಮ ಮಾನವೀಯ ಮೌಲ್ಯಗಳ ಕೊಡುಗೆಯನ್ನು ಸಮಾಜಕ್ಕೆ ಸಮರ್ಪಿಸಿದ ಬದುಕು ಸಾರ್ಥಕವಾಗುತ್ತದೆ ಎಂದು ಹಿರಿಯ ಸಾಹಿತಿಗಳು ಅಭಿಪ್ರಾಯಪಟ್ಟರು. ದಿ.ಶೇಡಿಗುಮ್ಮೆ ಕೃಷ್ಣಭಟ್ ಅವರ ಜನ್ಮಶತಮಾನೋತ್ಸವ ಸಮಾರಂಭ ಹಾಗೂ ಸ್ಮರಣ ಸಂಚಿಕೆ ಬಿಡುಗಡೆ ಕಾರ್ಯಕ್ರಮದಲ್ಲಿ ಅವರು ಮಾತನಾಡಿದರು. ಕೃಷ್ಣಭಟ್ ಅವರು ಶಿಕ್ಷಣ, ಕೃಷಿ, ಸಾಹಿತ್ಯ ಕ್ಷೇತ್ರಗಳಲ್ಲಿ ಅಪಾರ ಸೇವೆ ಸಲ್ಲಿಸಿದ್ದರು. ಕುಟುಂಬಸ್ಥರು, ಶಿಷ್ಯರು, ಅಭಿಮಾನಿಗಳು ಪಾಲ್ಗೊಂಡಿದ್ದರು. ಕರ್ನಾಟಕ ಯಕ್ಷಗಾನ ತಾಳಮದ್ದಳೆ: ಸಮಾರಂಭದ ಅಂಗವಾಗಿ ಯಕ್ಷಗಾನ ತಾಳಮದ್ದಳೆ ನಡೆಯಿತು. ಹಿಮ್ಮೇಳದಲ್ಲಿ ಭಾಗವತರು, ಚೆಂಡೆ, ಮದ್ದಳೆ ವಾದಕರು ಸಹಕರಿಸಿದರು. ಅರ್ಥಧಾರಿಗಳಾಗಿ ಹಿರಿಯ ಕಲಾವಿದರು ಭಾಗವಹಿಸಿದರು.
